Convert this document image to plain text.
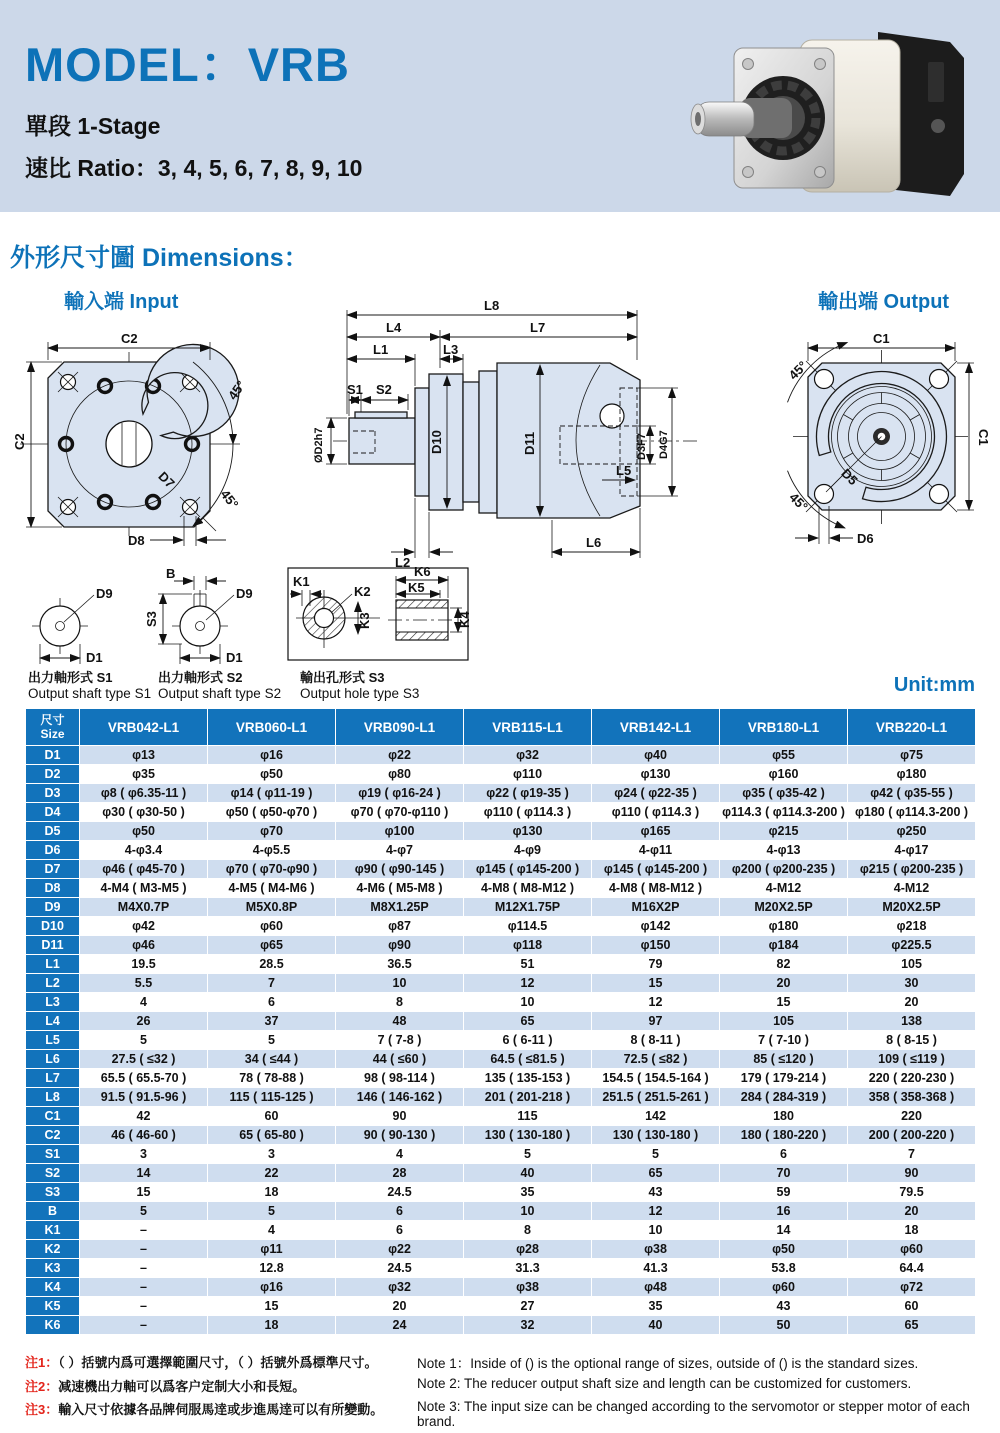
MODEL：VRB
單段 1-Stage
速比 Ratio：3, 4, 5, 6, 7, 8, 9, 10
外形尺寸圖 Dimensions：
Unit:mm
輸入端 Input	輸出端 Output
C2
C2
D8
45°
45°
D7
L8
L4	L7
L1	L3
S1 S2
ØD2h7	D10	D11	D3F7 D4G7
L5
L2
L6
C1
C1
45°
45°
D5
D6
D9
D1
出力軸形式 S1
Output shaft type S1
B
S3
D9
D1
出力軸形式 S2
Output shaft type S2
K1
K2
K3
K6
K5
K4
輸出孔形式 S3
Output hole type S3
尺寸
Size	VRB042-L1	VRB060-L1	VRB090-L1	VRB115-L1	VRB142-L1	VRB180-L1	VRB220-L1
D1	φ13	φ16	φ22	φ32	φ40	φ55	φ75
D2	φ35	φ50	φ80	φ110	φ130	φ160	φ180
D3	φ8 ( φ6.35-11 )	φ14 ( φ11-19 )	φ19 ( φ16-24 )	φ22 ( φ19-35 )	φ24 ( φ22-35 )	φ35 ( φ35-42 )	φ42 ( φ35-55 )
D4	φ30 ( φ30-50 )	φ50 ( φ50-φ70 )	φ70 ( φ70-φ110 )	φ110 ( φ114.3 )	φ110 ( φ114.3 )	φ114.3 ( φ114.3-200 )	φ180 ( φ114.3-200 )
D5	φ50	φ70	φ100	φ130	φ165	φ215	φ250
D6	4-φ3.4	4-φ5.5	4-φ7	4-φ9	4-φ11	4-φ13	4-φ17
D7	φ46 ( φ45-70 )	φ70 ( φ70-φ90 )	φ90 ( φ90-145 )	φ145 ( φ145-200 )	φ145 ( φ145-200 )	φ200 ( φ200-235 )	φ215 ( φ200-235 )
D8	4-M4 ( M3-M5 )	4-M5 ( M4-M6 )	4-M6 ( M5-M8 )	4-M8 ( M8-M12 )	4-M8 ( M8-M12 )	4-M12	4-M12
D9	M4X0.7P	M5X0.8P	M8X1.25P	M12X1.75P	M16X2P	M20X2.5P	M20X2.5P
D10	φ42	φ60	φ87	φ114.5	φ142	φ180	φ218
D11	φ46	φ65	φ90	φ118	φ150	φ184	φ225.5
L1	19.5	28.5	36.5	51	79	82	105
L2	5.5	7	10	12	15	20	30
L3	4	6	8	10	12	15	20
L4	26	37	48	65	97	105	138
L5	5	5	7 ( 7-8 )	6 ( 6-11 )	8 ( 8-11 )	7 ( 7-10 )	8 ( 8-15 )
L6	27.5 ( ≤32 )	34 ( ≤44 )	44 ( ≤60 )	64.5 ( ≤81.5 )	72.5 ( ≤82 )	85 ( ≤120 )	109 ( ≤119 )
L7	65.5 ( 65.5-70 )	78 ( 78-88 )	98 ( 98-114 )	135 ( 135-153 )	154.5 ( 154.5-164 )	179 ( 179-214 )	220 ( 220-230 )
L8	91.5 ( 91.5-96 )	115 ( 115-125 )	146 ( 146-162 )	201 ( 201-218 )	251.5 ( 251.5-261 )	284 ( 284-319 )	358 ( 358-368 )
C1	42	60	90	115	142	180	220
C2	46 ( 46-60 )	65 ( 65-80 )	90 ( 90-130 )	130 ( 130-180 )	130 ( 130-180 )	180 ( 180-220 )	200 ( 200-220 )
S1	3	3	4	5	5	6	7
S2	14	22	28	40	65	70	90
S3	15	18	24.5	35	43	59	79.5
B	5	5	6	10	12	16	20
K1	–	4	6	8	10	14	18
K2	–	φ11	φ22	φ28	φ38	φ50	φ60
K3	–	12.8	24.5	31.3	41.3	53.8	64.4
K4	–	φ16	φ32	φ38	φ48	φ60	φ72
K5	–	15	20	27	35	43	60
K6	–	18	24	32	40	50	65
注1：（ ）括號内爲可選擇範圍尺寸，（ ）括號外爲標準尺寸。	Note 1：Inside of () is the optional range of sizes, outside of () is the standard sizes.
注2：减速機出力軸可以爲客户定制大小和長短。	Note 2: The reducer output shaft size and length can be customized for customers.
注3：輸入尺寸依據各品牌伺服馬逹或步進馬逹可以有所變動。	Note 3: The input size can be changed according to the servomotor or stepper motor of each brand.
